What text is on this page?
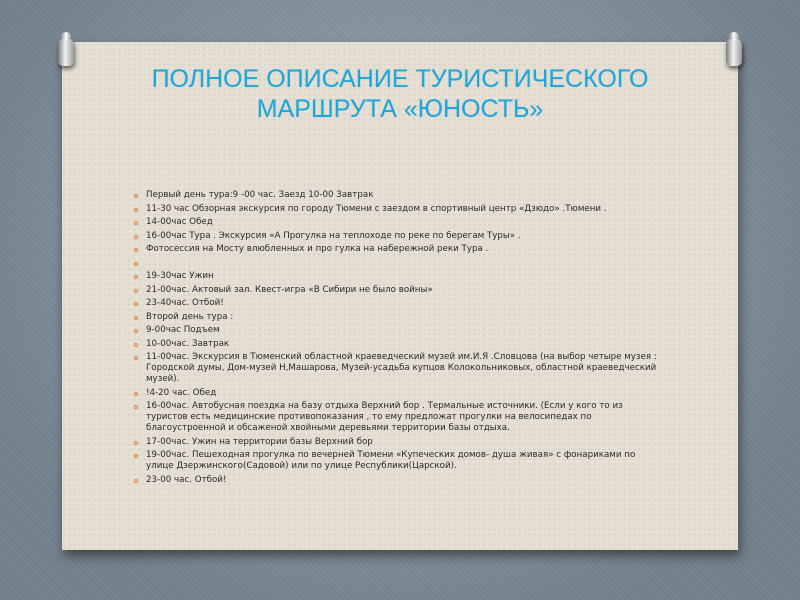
ПОЛНОЕ ОПИСАНИЕ ТУРИСТИЧЕСКОГО МАРШРУТА «ЮНОСТЬ»
Первый день тура:9 -00 час. Заезд 10-00 Завтрак
11-30 час Обзорная экскурсия по городу Тюмени с заездом в спортивный центр «Дзюдо» .Тюмени .
14-00час Обед
16-00час Тура . Экскурсия «А Прогулка на теплоходе по реке по берегам Туры» .
Фотосессия на Мосту влюбленных и про гулка на набережной реки Тура .
19-30час Ужин
21-00час. Актовый зал. Квест-игра «В Сибири не было войны»
23-40час. Отбой!
Второй день тура :
9-00час Подъем
10-00час. Завтрак
11-00час. Экскурсия в Тюменский областной краеведческий музей им.И.Я .Словцова (на выбор четыре музея : Городской думы, Дом-музей Н,Машарова, Музей-усадьба купцов Колокольниковых, областной краеведческий музей).
!4-20 час. Обед
16-00час. Автобусная поездка на базу отдыха Верхний бор . Термальные источники. (Если у кого то из туристов есть медицинские противопоказания , то ему предложат прогулки на велосипедах по благоустроенной и обсаженой хвойными деревьями территории базы отдыха.
17-00час. Ужин на территории базы Верхний бор
19-00час. Пешеходная прогулка по вечерней Тюмени «Купеческих домов- душа живая» с фонариками по улице Дзержинского(Садовой) или по улице Республики(Царской).
23-00 час. Отбой!
